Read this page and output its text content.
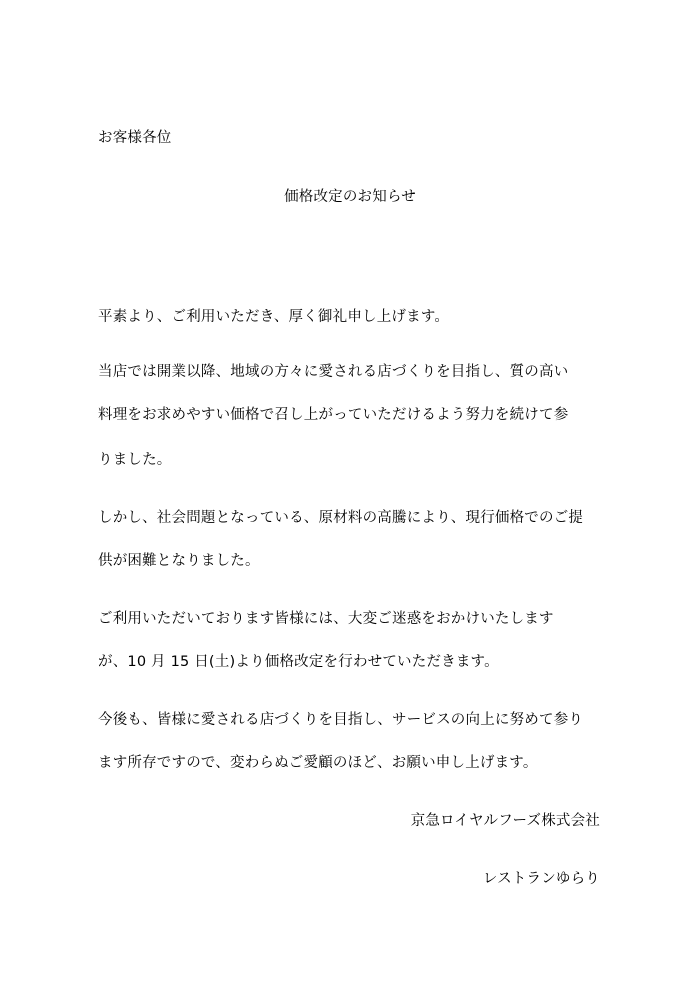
お客様各位
価格改定のお知らせ
平素より、ご利用いただき、厚く御礼申し上げます。
当店では開業以降、地域の方々に愛される店づくりを目指し、質の高い
料理をお求めやすい価格で召し上がっていただけるよう努力を続けて参
りました。
しかし、社会問題となっている、原材料の高騰により、現行価格でのご提
供が困難となりました。
ご利用いただいております皆様には、大変ご迷惑をおかけいたします
が、10 月 15 日(土)より価格改定を行わせていただきます。
今後も、皆様に愛される店づくりを目指し、サービスの向上に努めて参り
ます所存ですので、変わらぬご愛顧のほど、お願い申し上げます。
京急ロイヤルフーズ株式会社
レストランゆらり
